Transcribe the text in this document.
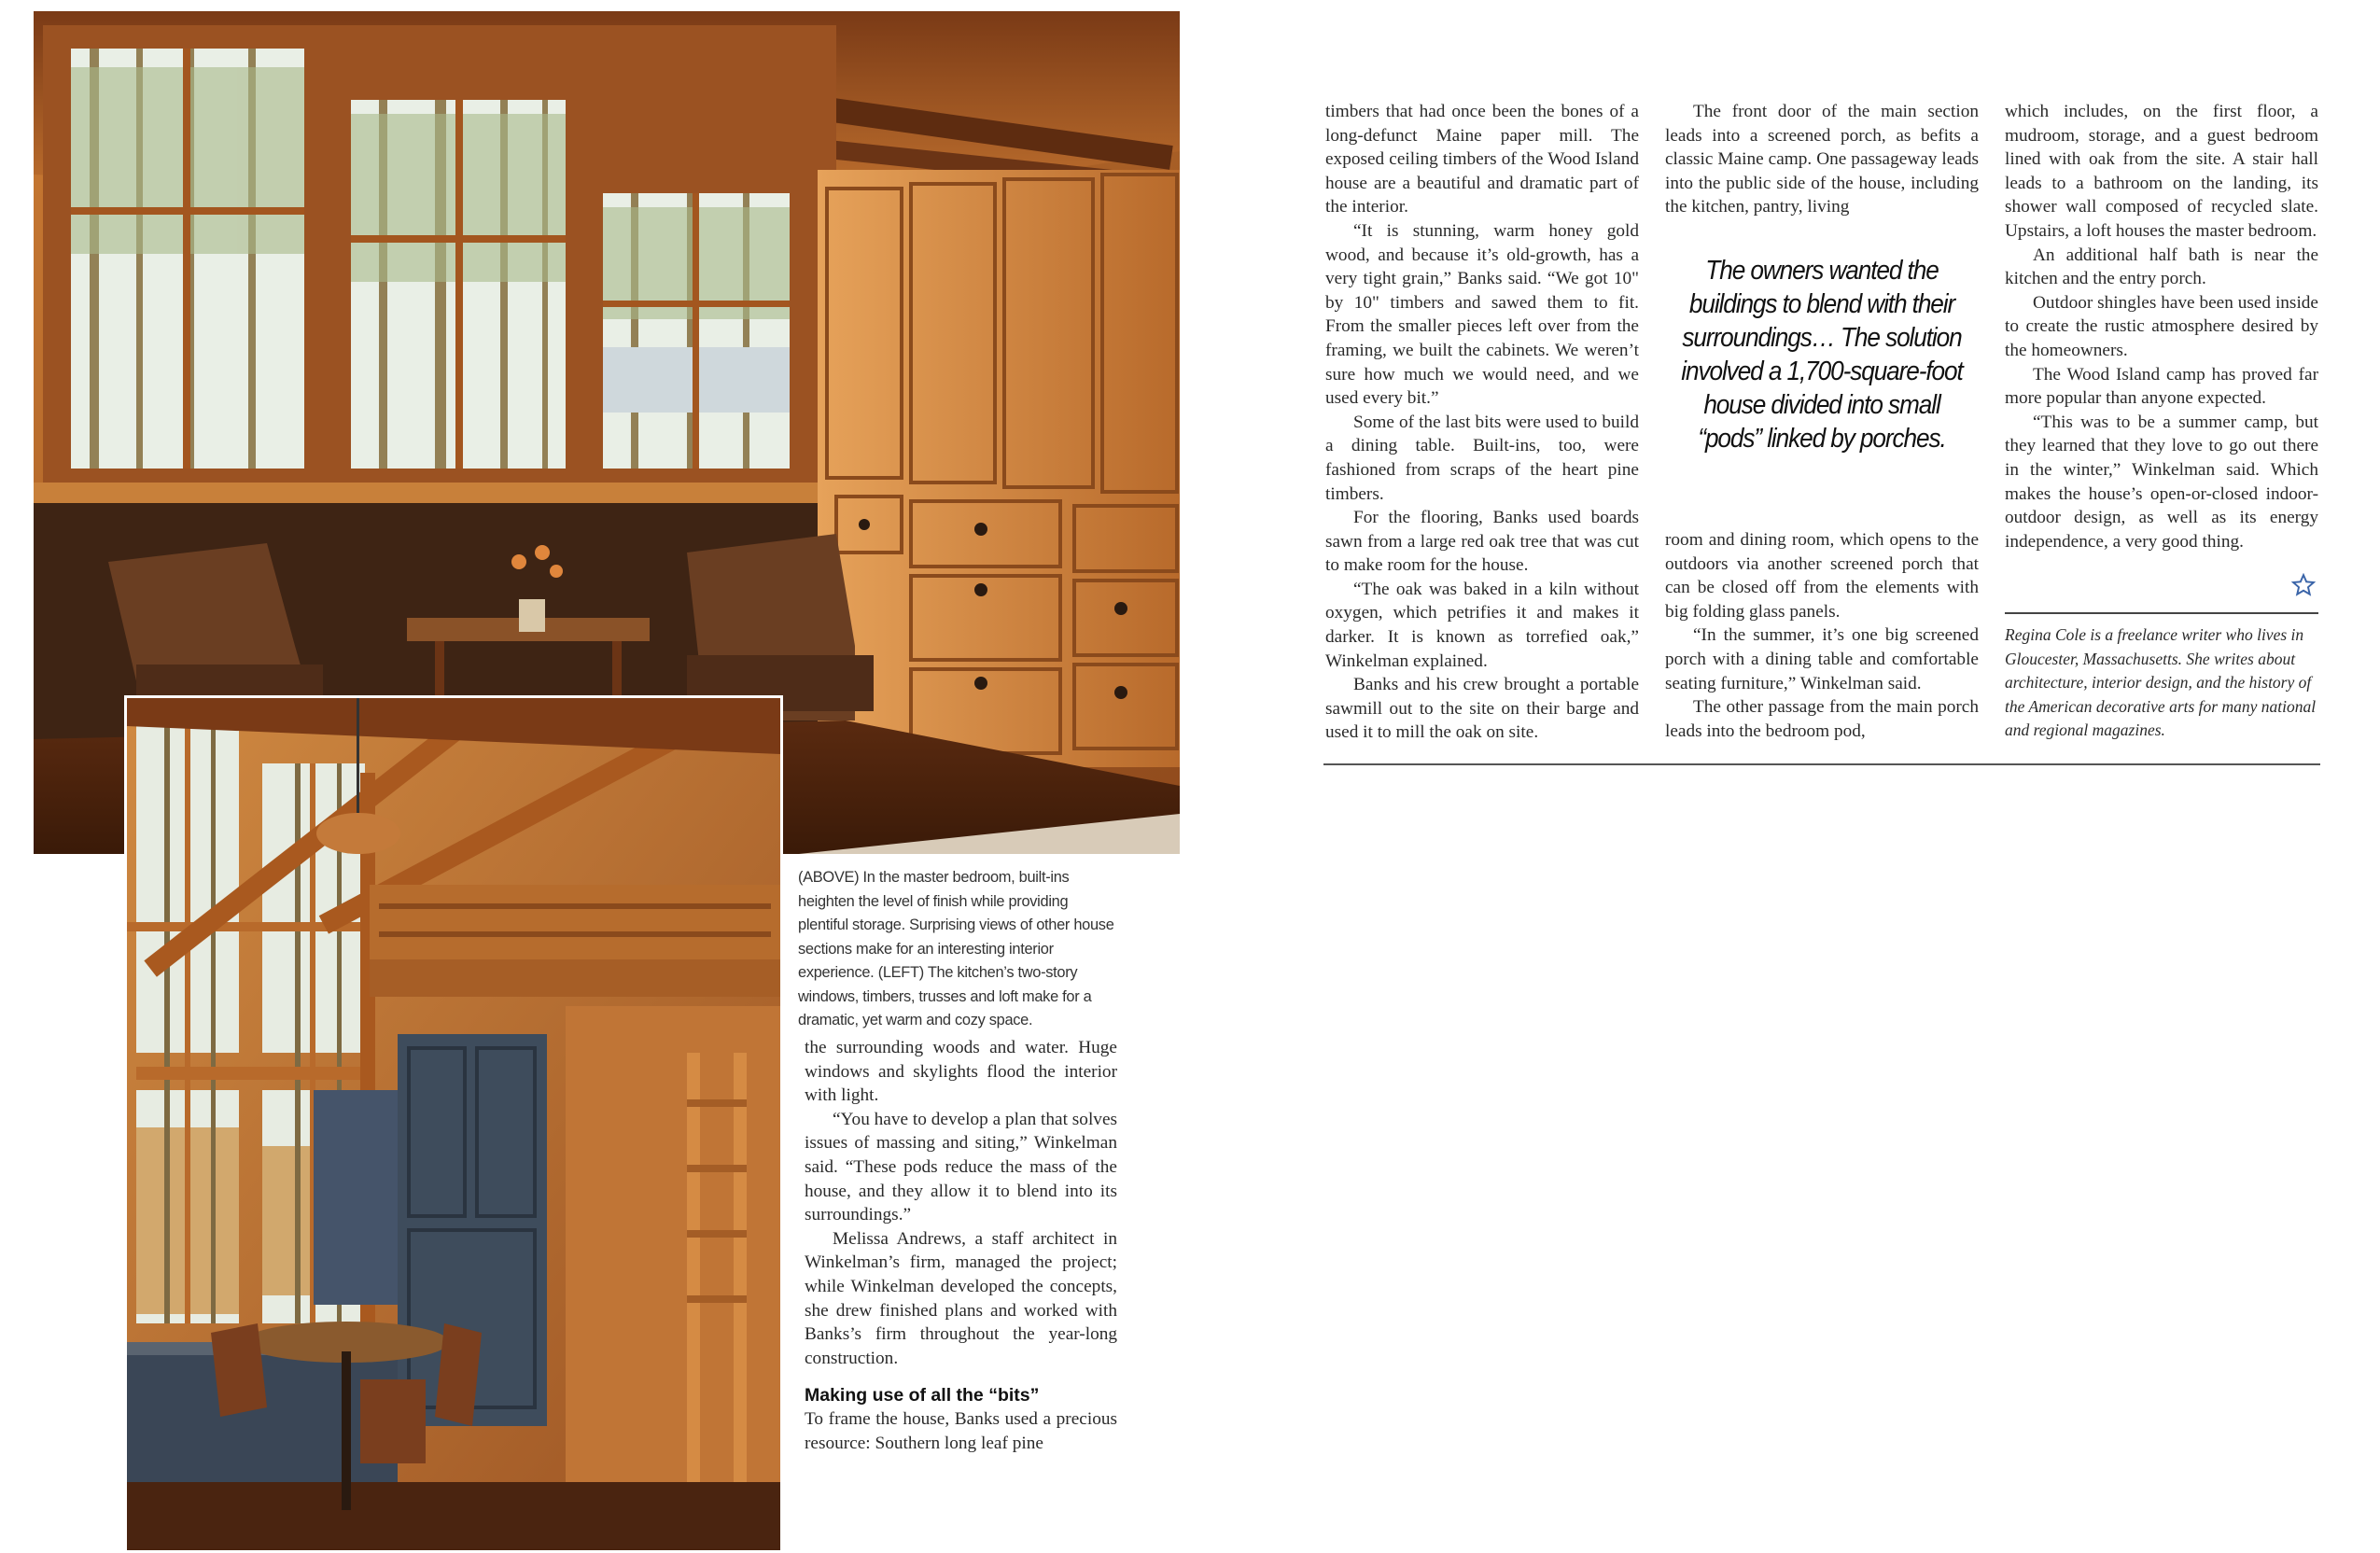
(ABOVE) In the master bedroom, built-ins heighten the level of finish while providing plentiful storage. Surprising views of other house sections make for an interesting interior experience. (LEFT) The kitchen’s two-story windows, timbers, trusses and loft make for a dramatic, yet warm and cozy space.

the surrounding woods and water. Huge windows and skylights flood the interior with light.

“You have to develop a plan that solves issues of massing and siting,” Winkelman said. “These pods reduce the mass of the house, and they allow it to blend into its surroundings.”

Melissa Andrews, a staff architect in Winkelman’s firm, managed the project; while Winkelman developed the concepts, she drew finished plans and worked with Banks’s firm throughout the year-long construction.

Making use of all the “bits”

To frame the house, Banks used a precious resource: Southern long leaf pine

timbers that had once been the bones of a long-defunct Maine paper mill. The exposed ceiling timbers of the Wood Island house are a beautiful and dramatic part of the interior.

“It is stunning, warm honey gold wood, and because it’s old-growth, has a very tight grain,” Banks said. “We got 10" by 10" timbers and sawed them to fit. From the smaller pieces left over from the framing, we built the cabinets. We weren’t sure how much we would need, and we used every bit.”

Some of the last bits were used to build a dining table. Built-ins, too, were fashioned from scraps of the heart pine timbers.

For the flooring, Banks used boards sawn from a large red oak tree that was cut to make room for the house.

“The oak was baked in a kiln without oxygen, which petrifies it and makes it darker. It is known as torrefied oak,” Winkelman explained.

Banks and his crew brought a portable sawmill out to the site on their barge and used it to mill the oak on site.

The front door of the main section leads into a screened porch, as befits a classic Maine camp. One passageway leads into the public side of the house, including the kitchen, pantry, living

The owners wanted the buildings to blend with their surroundings… The solution involved a 1,700-square-foot house divided into small “pods” linked by porches.

room and dining room, which opens to the outdoors via another screened porch that can be closed off from the elements with big folding glass panels.

“In the summer, it’s one big screened porch with a dining table and comfortable seating furniture,” Winkelman said.

The other passage from the main porch leads into the bedroom pod,

which includes, on the first floor, a mudroom, storage, and a guest bedroom lined with oak from the site. A stair hall leads to a bathroom on the landing, its shower wall composed of recycled slate. Upstairs, a loft houses the master bedroom.

An additional half bath is near the kitchen and the entry porch.

Outdoor shingles have been used inside to create the rustic atmosphere desired by the homeowners.

The Wood Island camp has proved far more popular than anyone expected.

“This was to be a summer camp, but they learned that they love to go out there in the winter,” Winkelman said. Which makes the house’s open-or-closed indoor-outdoor design, as well as its energy independence, a very good thing.

Regina Cole is a freelance writer who lives in Gloucester, Massachusetts. She writes about architecture, interior design, and the history of the American decorative arts for many national and regional magazines.
